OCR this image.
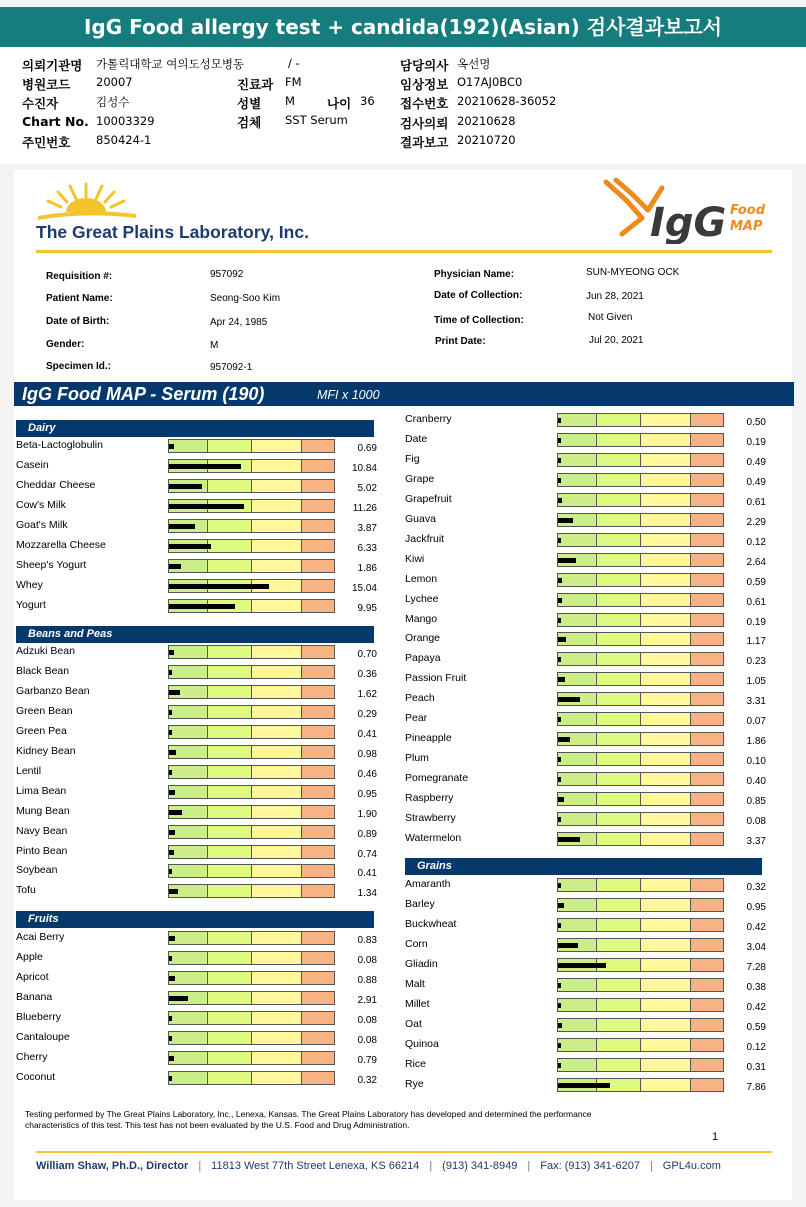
IgG Food allergy test + candida(192)(Asian) 검사결과보고서
의뢰기관명 가톨릭대학교 여의도성모병동	/ -
병원코드 20007	진료과 FM
수진자	김성수	성별 M	나이 36
Chart No. 10003329	검체 SST Serum
주민번호 850424-1
담당의사 옥선명
임상정보 O17AJ0BC0
접수번호 20210628-36052
검사의뢰 20210628
결과보고 20210720
The Great Plains Laboratory, Inc.	IgG Food
MAP
Requisition #:	957092
Patient Name:	Seong-Soo Kim
Date of Birth:	Apr 24, 1985
Gender:	M
Specimen Id.:	957092-1
Physician Name:	SUN-MYEONG OCK
Date of Collection:	Jun 28, 2021
Time of Collection:	Not Given
Print Date:	Jul 20, 2021
IgG Food MAP - Serum (190)	MFI x 1000
Dairy
Beta-Lactoglobulin	0.69
Casein	10.84
Cheddar Cheese	5.02
Cow's Milk	11.26
Goat's Milk	3.87
Mozzarella Cheese	6.33
Sheep's Yogurt	1.86
Whey	15.04
Yogurt	9.95
Beans and Peas
Adzuki Bean	0.70
Black Bean	0.36
Garbanzo Bean	1.62
Green Bean	0.29
Green Pea	0.41
Kidney Bean	0.98
Lentil	0.46
Lima Bean	0.95
Mung Bean	1.90
Navy Bean	0.89
Pinto Bean	0.74
Soybean	0.41
Tofu	1.34
Fruits
Acai Berry	0.83
Apple	0.08
Apricot	0.88
Banana	2.91
Blueberry	0.08
Cantaloupe	0.08
Cherry	0.79
Coconut	0.32
Cranberry	0.50
Date	0.19
Fig	0.49
Grape	0.49
Grapefruit	0.61
Guava	2.29
Jackfruit	0.12
Kiwi	2.64
Lemon	0.59
Lychee	0.61
Mango	0.19
Orange	1.17
Papaya	0.23
Passion Fruit	1.05
Peach	3.31
Pear	0.07
Pineapple	1.86
Plum	0.10
Pomegranate	0.40
Raspberry	0.85
Strawberry	0.08
Watermelon	3.37
Grains
Amaranth	0.32
Barley	0.95
Buckwheat	0.42
Corn	3.04
Gliadin	7.28
Malt	0.38
Millet	0.42
Oat	0.59
Quinoa	0.12
Rice	0.31
Rye	7.86
Testing performed by The Great Plains Laboratory, Inc., Lenexa, Kansas. The Great Plains Laboratory has developed and determined the performance
characteristics of this test. This test has not been evaluated by the U.S. Food and Drug Administration.
1
William Shaw, Ph.D., Director | 11813 West 77th Street Lenexa, KS 66214 | (913) 341-8949 | Fax: (913) 341-6207 | GPL4u.com
